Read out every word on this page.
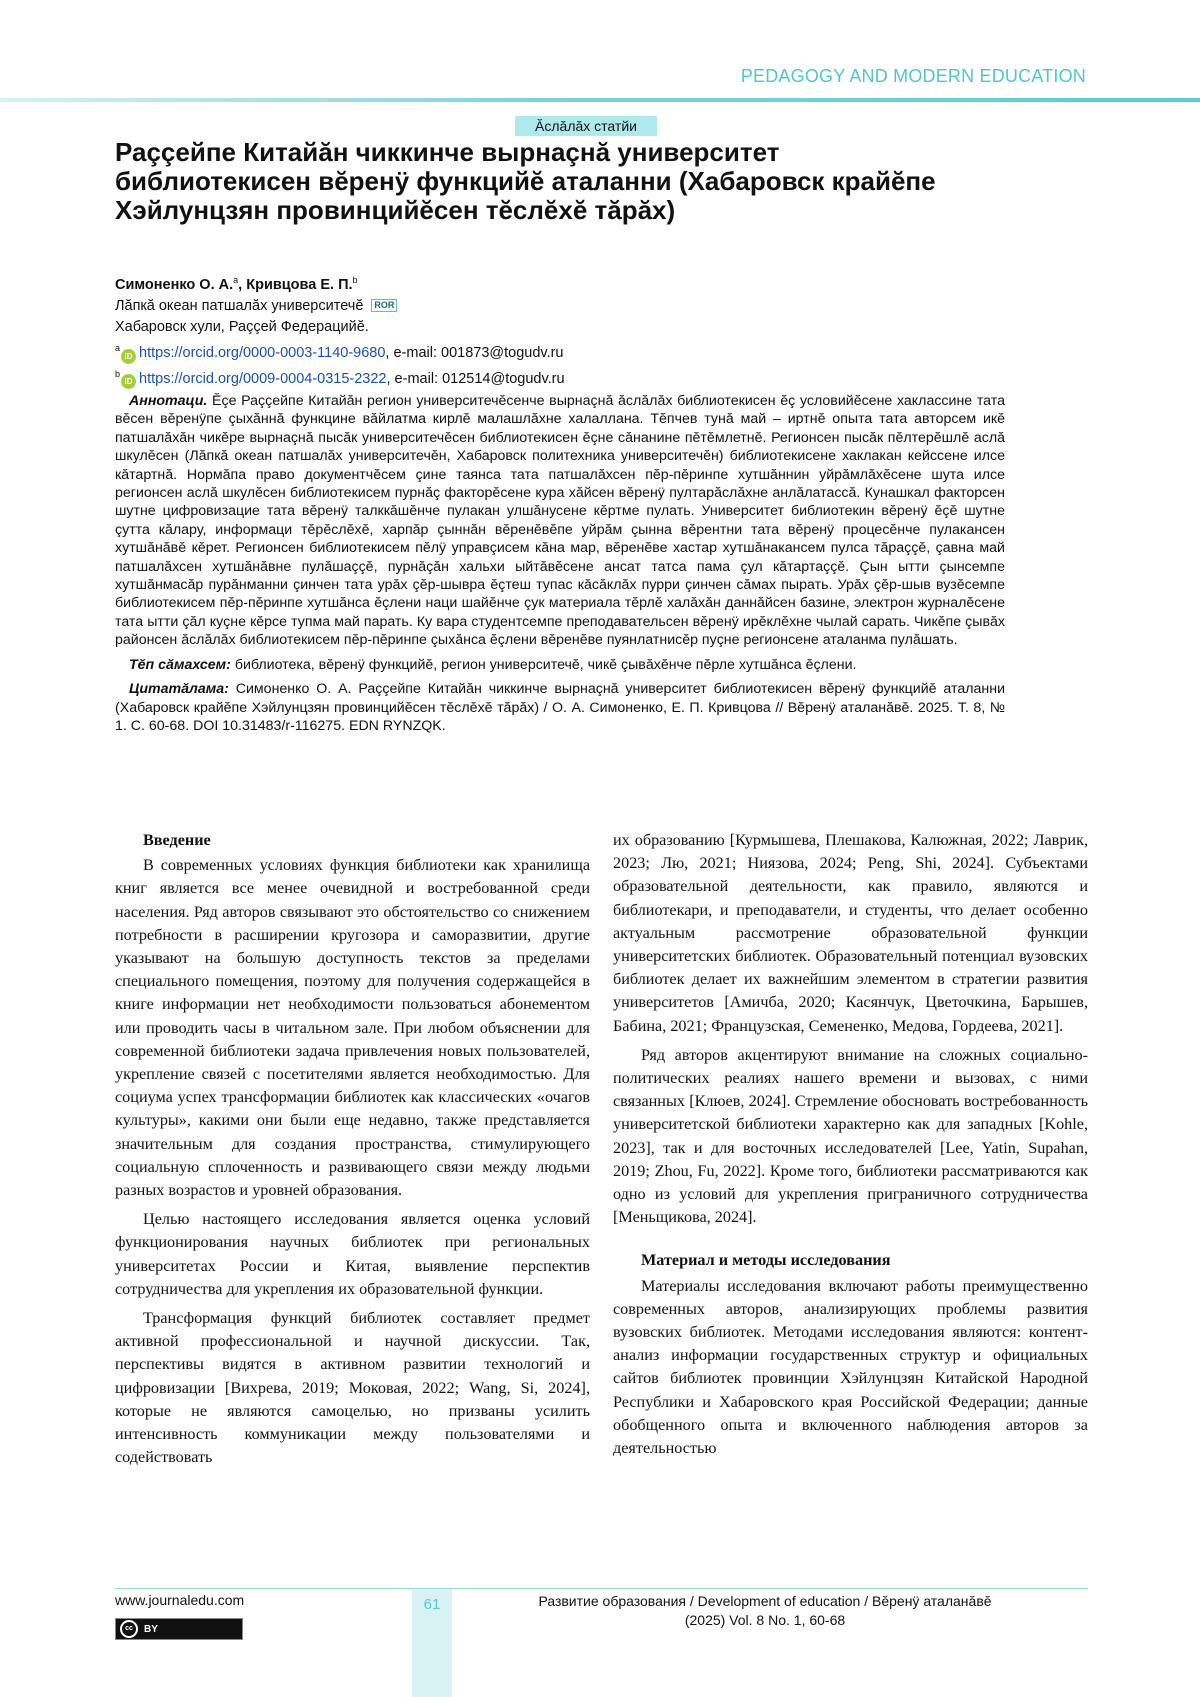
PEDAGOGY AND MODERN EDUCATION
Ăслăлăх статйи
Раççейпе Китайăн чиккинче вырнаçнă университет библиотекисен вĕренÿ функцийĕ аталанни (Хабаровск крайĕпе Хэйлунцзян провинцийĕсен тĕслĕхĕ тăрăх)
Симоненко О. А.$^a$, Кривцова Е. П.$^b$
Лăпкă океан патшалăх университечĕ ROR
Хабаровск хули, Раççей Федерацийĕ.
$^a$iD https://orcid.org/0000-0003-1140-9680, e-mail: 001873@togudv.ru
$^b$iD https://orcid.org/0009-0004-0315-2322, e-mail: 012514@togudv.ru

Аннотаци. Ĕçе Раççейпе Китайăн регион университечĕсенче вырнаçнă ăслăлăх библиотекисен ĕç условийĕсене хаклассине тата вĕсен вĕренÿпе çыхăннă функцине вăйлатма кирлĕ малашлăхне халаллана. Тĕпчев тунă май – иртнĕ опыта тата авторсем икĕ патшалăхăн чикĕре вырнаçнă пысăк университечĕсен библиотекисен ĕçне сăнанине пĕтĕмлетнĕ. Регионсен пысăк пĕлтерĕшлĕ аслă шкулĕсен (Лăпкă океан патшалăх университечĕн, Хабаровск политехника университечĕн) библиотекисене хаклакан кейссене илсе кăтартнă. Нормăпа право документчĕсем çине таянса тата патшалăхсен пĕр-пĕринпе хутшăннин уйрăмлăхĕсене шута илсе регионсен аслă шкулĕсен библиотекисем пурнăç факторĕсене кура хăйсен вĕренÿ пултарăслăхне анлăлатассă. Кунашкал факторсен шутне цифровизацие тата вĕренÿ талккăшĕнче пулакан улшăнусене кĕртме пулать. Университет библиотекин вĕренÿ ĕçĕ шутне çутта кăлару, информаци тĕрĕслĕхĕ, харпăр çыннăн вĕренĕвĕпе уйрăм çынна вĕрентни тата вĕренÿ процесĕнче пулакансен хутшăнăвĕ кĕрет. Регионсен библиотекисем пĕлÿ управçисем кăна мар, вĕренĕве хастар хутшăнакансем пулса тăраççĕ, çавна май патшалăхсен хутшăнăвне пулăшаççĕ, пурнăçăн хальхи ыйтăвĕсене ансат татса пама çул кăтартаççĕ. Çын ытти çынсемпе хутшăнмасăр пурăнманни çинчен тата урăх çĕр-шывра ĕçтеш тупас кăсăклăх пурри çинчен сăмах пырать. Урăх çĕр-шыв вузĕсемпе библиотекисем пĕр-пĕринпе хутшăнса ĕçлени наци шайĕнче çук материала тĕрлĕ халăхăн даннăйсен базине, электрон журналĕсене тата ытти çăл куçне кĕрсе тупма май парать. Ку вара студентсемпе преподавательсен вĕренÿ ирĕклĕхне чылай сарать. Чикĕпе çывăх районсен ăслăлăх библиотекисем пĕр-пĕринпе çыхăнса ĕçлени вĕренĕве пуянлатнисĕр пуçне регионсене аталанма пулăшать.

Тĕп сăмахсем: библиотека, вĕренÿ функцийĕ, регион университечĕ, чикĕ çывăхĕнче пĕрле хутшăнса ĕçлени.

Цитатăлама: Симоненко О. А. Раççейпе Китайăн чиккинче вырнаçнă университет библиотекисен вĕренÿ функцийĕ аталанни (Хабаровск крайĕпе Хэйлунцзян провинцийĕсен тĕслĕхĕ тăрăх) / О. А. Симоненко, Е. П. Кривцова // Вĕренÿ аталанăвĕ. 2025. Т. 8, № 1. С. 60-68. DOI 10.31483/r-116275. EDN RYNZQK.

Введение

В современных условиях функция библиотеки как хранилища книг является все менее очевидной и востребованной среди населения. Ряд авторов связывают это обстоятельство со снижением потребности в расширении кругозора и саморазвитии, другие указывают на большую доступность текстов за пределами специального помещения, поэтому для получения содержащейся в книге информации нет необходимости пользоваться абонементом или проводить часы в читальном зале. При любом объяснении для современной библиотеки задача привлечения новых пользователей, укрепление связей с посетителями является необходимостью. Для социума успех трансформации библиотек как классических «очагов культуры», какими они были еще недавно, также представляется значительным для создания пространства, стимулирующего социальную сплоченность и развивающего связи между людьми разных возрастов и уровней образования.

Целью настоящего исследования является оценка условий функционирования научных библиотек при региональных университетах России и Китая, выявление перспектив сотрудничества для укрепления их образовательной функции.

Трансформация функций библиотек составляет предмет активной профессиональной и научной дискуссии. Так, перспективы видятся в активном развитии технологий и цифровизации [Вихрева, 2019; Моковая, 2022; Wang, Si, 2024], которые не являются самоцелью, но призваны усилить интенсивность коммуникации между пользователями и содействовать

их образованию [Курмышева, Плешакова, Калюжная, 2022; Лаврик, 2023; Лю, 2021; Ниязова, 2024; Peng, Shi, 2024]. Субъектами образовательной деятельности, как правило, являются и библиотекари, и преподаватели, и студенты, что делает особенно актуальным рассмотрение образовательной функции университетских библиотек. Образовательный потенциал вузовских библиотек делает их важнейшим элементом в стратегии развития университетов [Амичба, 2020; Касянчук, Цветочкина, Барышев, Бабина, 2021; Французская, Семененко, Медова, Гордеева, 2021].

Ряд авторов акцентируют внимание на сложных социально-политических реалиях нашего времени и вызовах, с ними связанных [Клюев, 2024]. Стремление обосновать востребованность университетской библиотеки характерно как для западных [Kohle, 2023], так и для восточных исследователей [Lee, Yatin, Supahan, 2019; Zhou, Fu, 2022]. Кроме того, библиотеки рассматриваются как одно из условий для укрепления приграничного сотрудничества [Меньщикова, 2024].

Материал и методы исследования

Материалы исследования включают работы преимущественно современных авторов, анализирующих проблемы развития вузовских библиотек. Методами исследования являются: контент-анализ информации государственных структур и официальных сайтов библиотек провинции Хэйлунцзян Китайской Народной Республики и Хабаровского края Российской Федерации; данные обобщенного опыта и включенного наблюдения авторов за деятельностью

www.journaledu.com	61	Развитие образования / Development of education / Вĕренÿ аталанăвĕ
(2025) Vol. 8 No. 1, 60-68
cc	BY
